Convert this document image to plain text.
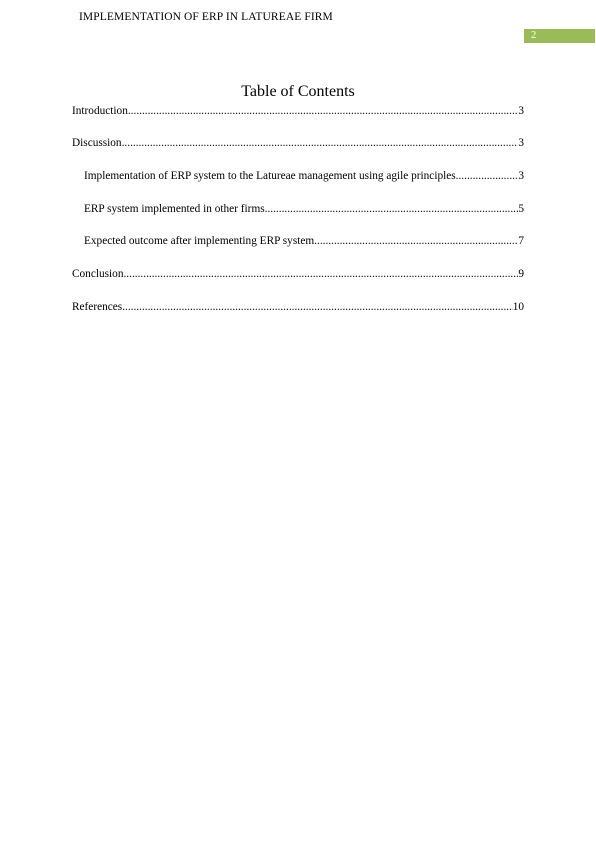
IMPLEMENTATION OF ERP IN LATUREAE FIRM
2
Table of Contents
Introduction .....	3
Discussion .....	3
Implementation of ERP system to the Latureae management using agile principles .....	3
ERP system implemented in other firms .....	5
Expected outcome after implementing ERP system .....	7
Conclusion .....	9
References .....	10
